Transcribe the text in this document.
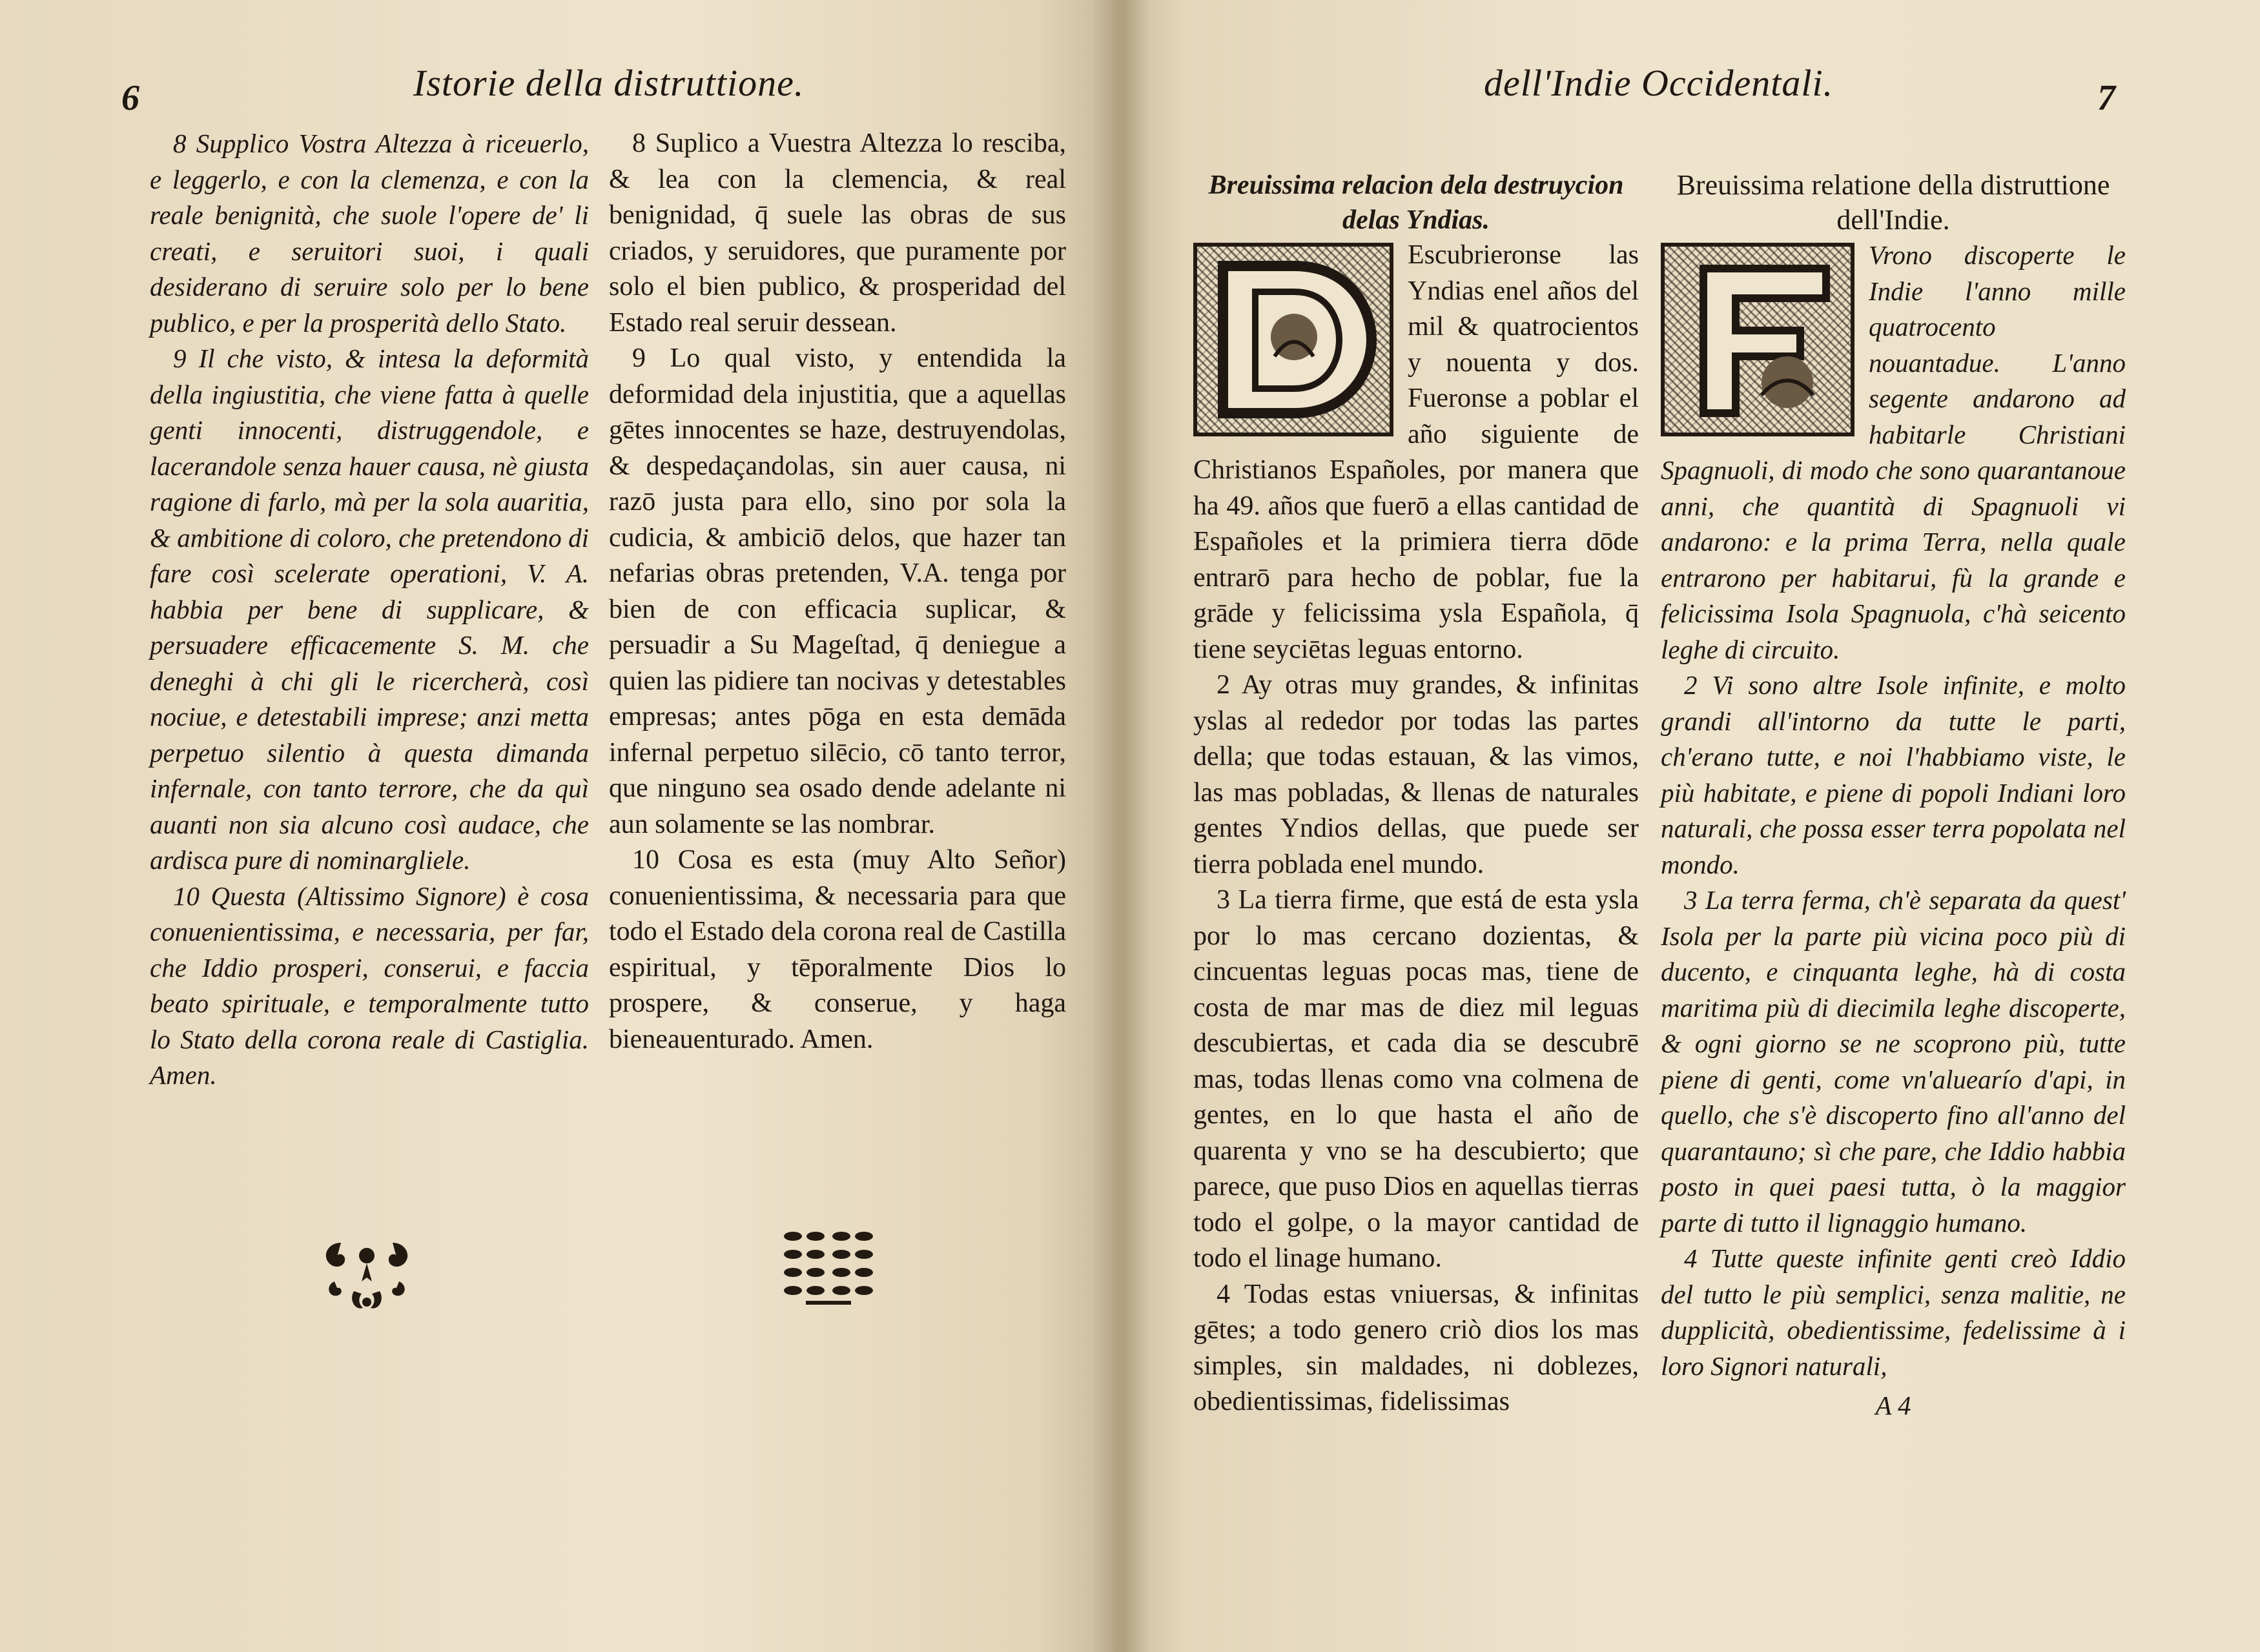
6	Istorie della distruttione.

8 Supplico Vostra Altezza à riceuerlo, e leggerlo, e con la clemenza, e con la reale benignità, che suole l'opere de' li creati, e seruitori suoi, i quali desiderano di seruire solo per lo bene publico, e per la prosperità dello Stato.

9 Il che visto, & intesa la deformità della ingiustitia, che viene fatta à quelle genti innocenti, distruggendole, e lacerandole senza hauer causa, nè giusta ragione di farlo, mà per la sola auaritia, & ambitione di coloro, che pretendono di fare così scelerate operationi, V. A. habbia per bene di supplicare, & persuadere efficacemente S. M. che deneghi à chi gli le ricercherà, così nociue, e detestabili imprese; anzi metta perpetuo silentio à questa dimanda infernale, con tanto terrore, che da quì auanti non sia alcuno così audace, che ardisca pure di nominargliele.

10 Questa (Altissimo Signore) è cosa conuenientissima, e necessaria, per far, che Iddio prosperi, conserui, e faccia beato spirituale, e temporalmente tutto lo Stato della corona reale di Castiglia. Amen.

8 Suplico a Vuestra Altezza lo resciba, & lea con la clemencia, & real benignidad, q̄ suele las obras de sus criados, y seruidores, que puramente por solo el bien publico, & prosperidad del Estado real seruir dessean.

9 Lo qual visto, y entendida la deformidad dela injustitia, que a aquellas gētes innocentes se haze, destruyendolas, & despedaçandolas, sin auer causa, ni razō justa para ello, sino por sola la cudicia, & ambiciō delos, que hazer tan nefarias obras pretenden, V.A. tenga por bien de con efficacia suplicar, & persuadir a Su Mageſtad, q̄ deniegue a quien las pidiere tan nocivas y detestables empresas; antes pōga en esta demāda infernal perpetuo silēcio, cō tanto terror, que ninguno sea osado dende adelante ni aun solamente se las nombrar.

10 Cosa es esta (muy Alto Señor) conuenientissima, & necessaria para que todo el Estado dela corona real de Castilla espiritual, y tēporalmente Dios lo prospere, & conserue, y haga bieneauenturado. Amen.

dell'Indie Occidentali.	7

Breuissima relacion dela destruycion delas Yndias.

Escubrieronse las Yndias enel años del mil & quatrocientos y nouenta y dos. Fueronse a poblar el año siguiente de Christianos Españoles, por manera que ha 49. años que fuerō a ellas cantidad de Españoles et la primiera tierra dōde entrarō para hecho de poblar, fue la grāde y felicissima ysla Española, q̄ tiene seyciētas leguas entorno.

2 Ay otras muy grandes, & infinitas yslas al rededor por todas las partes della; que todas estauan, & las vimos, las mas pobladas, & llenas de naturales gentes Yndios dellas, que puede ser tierra poblada enel mundo.

3 La tierra firme, que está de esta ysla por lo mas cercano dozientas, & cincuentas leguas pocas mas, tiene de costa de mar mas de diez mil leguas descubiertas, et cada dia se descubrē mas, todas llenas como vna colmena de gentes, en lo que hasta el año de quarenta y vno se ha descubierto; que parece, que puso Dios en aquellas tierras todo el golpe, o la mayor cantidad de todo el linage humano.

4 Todas estas vniuersas, & infinitas gētes; a todo genero criò dios los mas simples, sin maldades, ni doblezes, obedientissimas, fidelissimas

Breuissima relatione della distruttione dell'Indie.

Vrono discoperte le Indie l'anno mille quatrocento nouantadue. L'anno segente andarono ad habitarle Christiani Spagnuoli, di modo che sono quarantanoue anni, che quantità di Spagnuoli vi andarono: e la prima Terra, nella quale entrarono per habitarui, fù la grande e felicissima Isola Spagnuola, c'hà seicento leghe di circuito.

2 Vi sono altre Isole infinite, e molto grandi all'intorno da tutte le parti, ch'erano tutte, e noi l'habbiamo viste, le più habitate, e piene di popoli Indiani loro naturali, che possa esser terra popolata nel mondo.

3 La terra ferma, ch'è separata da quest' Isola per la parte più vicina poco più di ducento, e cinquanta leghe, hà di costa maritima più di diecimila leghe discoperte, & ogni giorno se ne scoprono più, tutte piene di genti, come vn'aluearío d'api, in quello, che s'è discoperto fino all'anno del quarantauno; sì che pare, che Iddio habbia posto in quei paesi tutta, ò la maggior parte di tutto il lignaggio humano.

4 Tutte queste infinite genti creò Iddio del tutto le più semplici, senza malitie, ne dupplicità, obedientissime, fedelissime à i loro Signori naturali,

A 4
